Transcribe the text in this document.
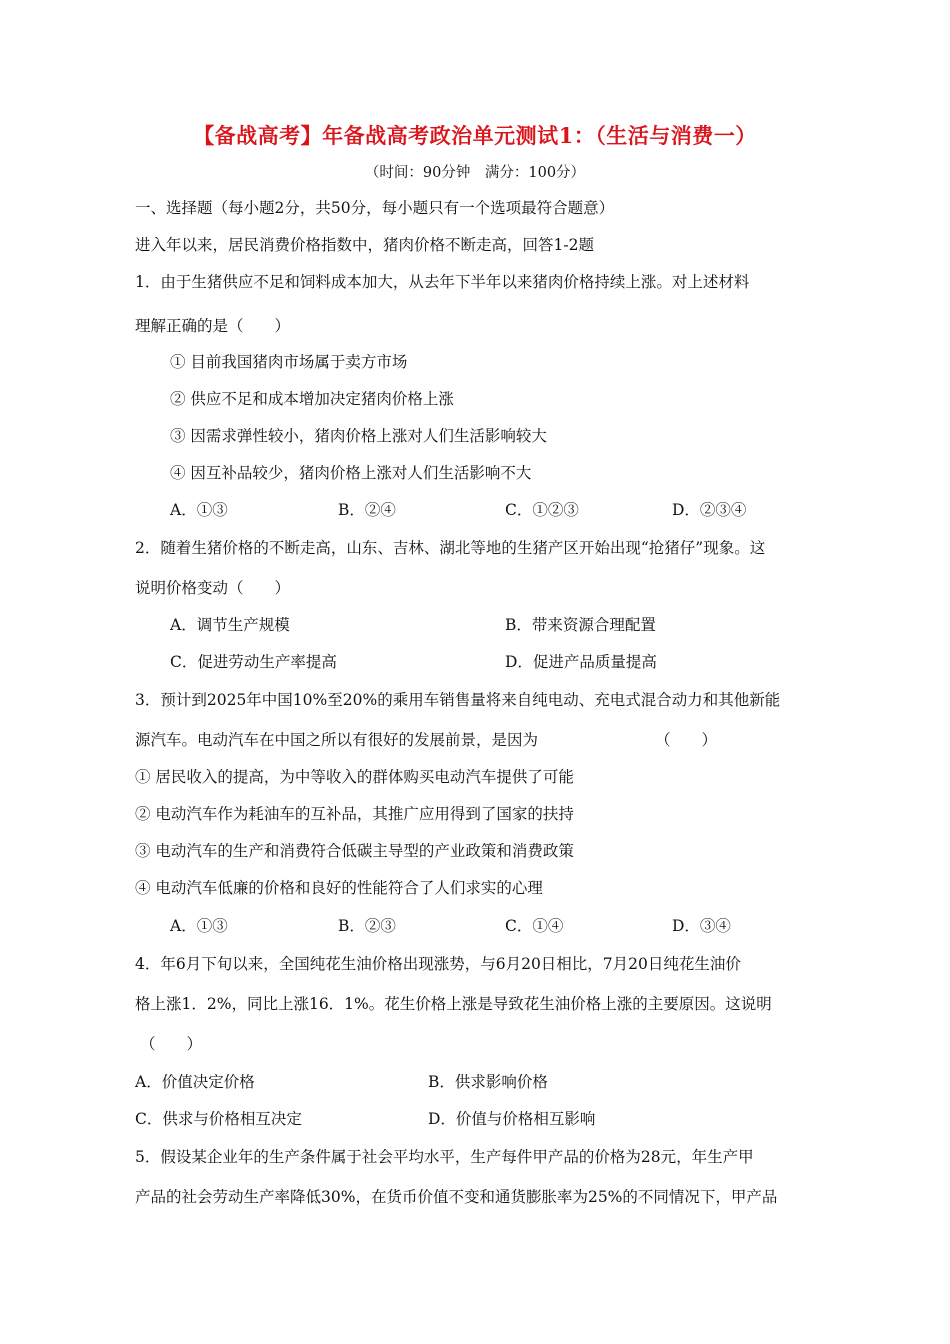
【备战高考】年备战高考政治单元测试1：（生活与消费一）
（时间：90分钟　满分：100分）
一、选择题（每小题2分，共50分，每小题只有一个选项最符合题意）
进入年以来，居民消费价格指数中，猪肉价格不断走高，回答1-2题
1．由于生猪供应不足和饲料成本加大，从去年下半年以来猪肉价格持续上涨。对上述材料
理解正确的是（　　）
① 目前我国猪肉市场属于卖方市场
② 供应不足和成本增加决定猪肉价格上涨
③ 因需求弹性较小，猪肉价格上涨对人们生活影响较大
④ 因互补品较少，猪肉价格上涨对人们生活影响不大
A．①③	B．②④	C．①②③	D．②③④
2．随着生猪价格的不断走高，山东、吉林、湖北等地的生猪产区开始出现“抢猪仔”现象。这
说明价格变动（　　）
A．调节生产规模	B．带来资源合理配置
C．促进劳动生产率提高	D．促进产品质量提高
3．预计到2025年中国10%至20%的乘用车销售量将来自纯电动、充电式混合动力和其他新能
源汽车。电动汽车在中国之所以有很好的发展前景，是因为	（　　）
① 居民收入的提高，为中等收入的群体购买电动汽车提供了可能
② 电动汽车作为耗油车的互补品，其推广应用得到了国家的扶持
③ 电动汽车的生产和消费符合低碳主导型的产业政策和消费政策
④ 电动汽车低廉的价格和良好的性能符合了人们求实的心理
A．①③	B．②③	C．①④	D．③④
4．年6月下旬以来，全国纯花生油价格出现涨势，与6月20日相比，7月20日纯花生油价
格上涨1．2%，同比上涨16．1%。花生价格上涨是导致花生油价格上涨的主要原因。这说明
（　　）
A．价值决定价格	B．供求影响价格
C．供求与价格相互决定	D．价值与价格相互影响
5．假设某企业年的生产条件属于社会平均水平，生产每件甲产品的价格为28元，年生产甲
产品的社会劳动生产率降低30%，在货币价值不变和通货膨胀率为25%的不同情况下，甲产品
